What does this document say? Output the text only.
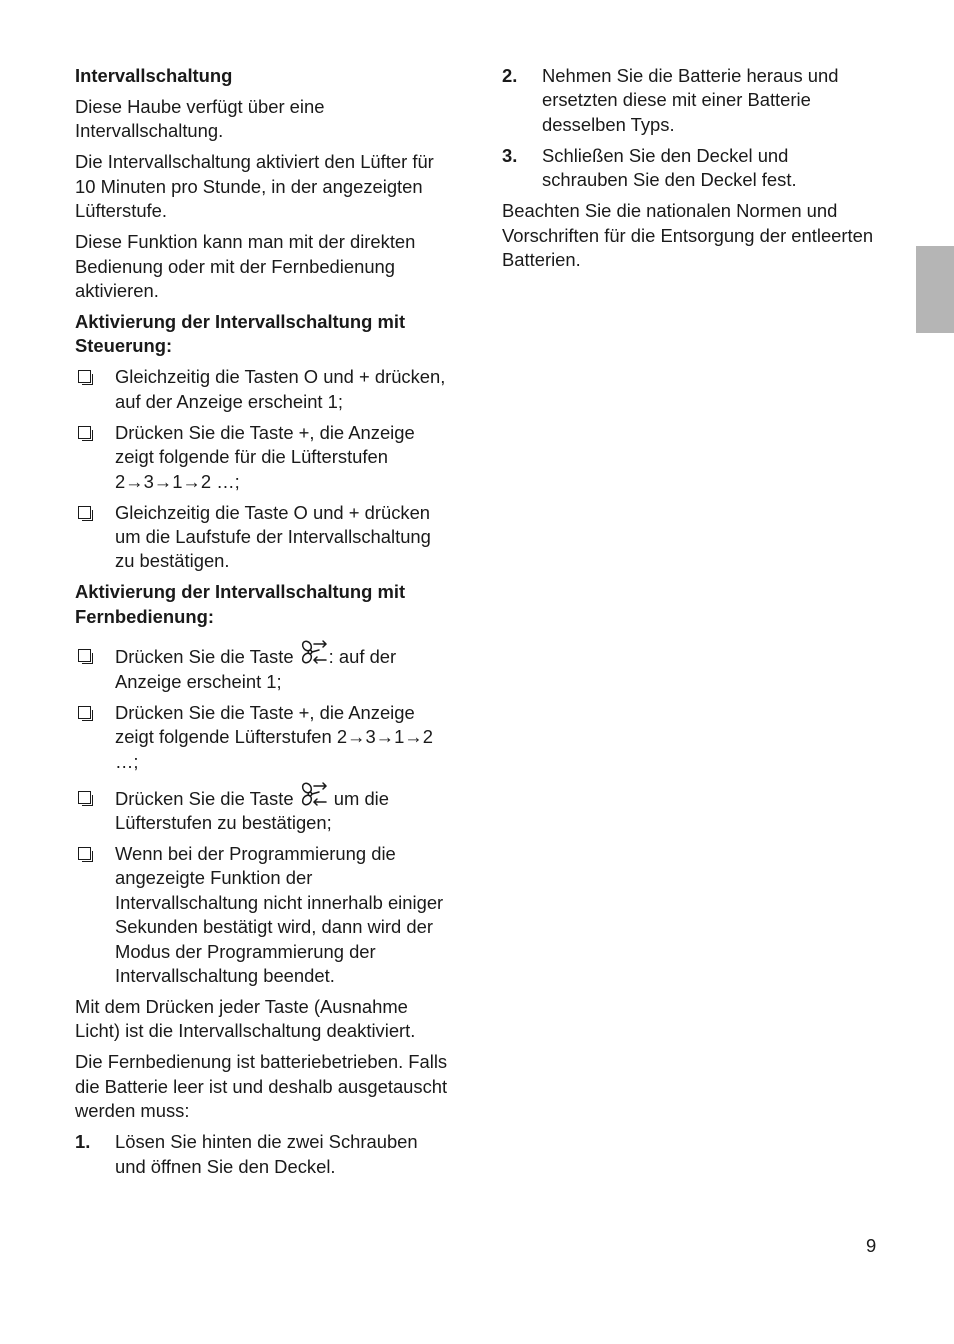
Intervallschaltung

Diese Haube verfügt über eine Intervallschaltung.

Die Intervallschaltung aktiviert den Lüfter für 10 Minuten pro Stunde, in der angezeigten Lüfterstufe.

Diese Funktion kann man mit der direkten Bedienung oder mit der Fernbedienung aktivieren.

Aktivierung der Intervallschaltung mit Steuerung:

Gleichzeitig die Tasten O und + drücken, auf der Anzeige erscheint 1;
Drücken Sie die Taste +, die Anzeige zeigt folgende für die Lüfterstufen 2→3→1→2 …;
Gleichzeitig die Taste O und + drücken um die Laufstufe der Intervallschaltung zu bestätigen.

Aktivierung der Intervallschaltung mit Fernbedienung:

Drücken Sie die Taste : auf der Anzeige erscheint 1;
Drücken Sie die Taste +, die Anzeige zeigt folgende Lüfterstufen 2→3→1→2 …;
Drücken Sie die Taste  um die Lüfterstufen zu bestätigen;
Wenn bei der Programmierung die angezeigte Funktion der Intervallschaltung nicht innerhalb einiger Sekunden bestätigt wird, dann wird der Modus der Programmierung der Intervallschaltung beendet.

Mit dem Drücken jeder Taste (Ausnahme Licht) ist die Intervallschaltung deaktiviert.

Die Fernbedienung ist batteriebetrieben. Falls die Batterie leer ist und deshalb ausgetauscht werden muss:

1. Lösen Sie hinten die zwei Schrauben und öffnen Sie den Deckel.
2. Nehmen Sie die Batterie heraus und ersetzten diese mit einer Batterie desselben Typs.
3. Schließen Sie den Deckel und schrauben Sie den Deckel fest.

Beachten Sie die nationalen Normen und Vorschriften für die Entsorgung der entleerten Batterien.

9
